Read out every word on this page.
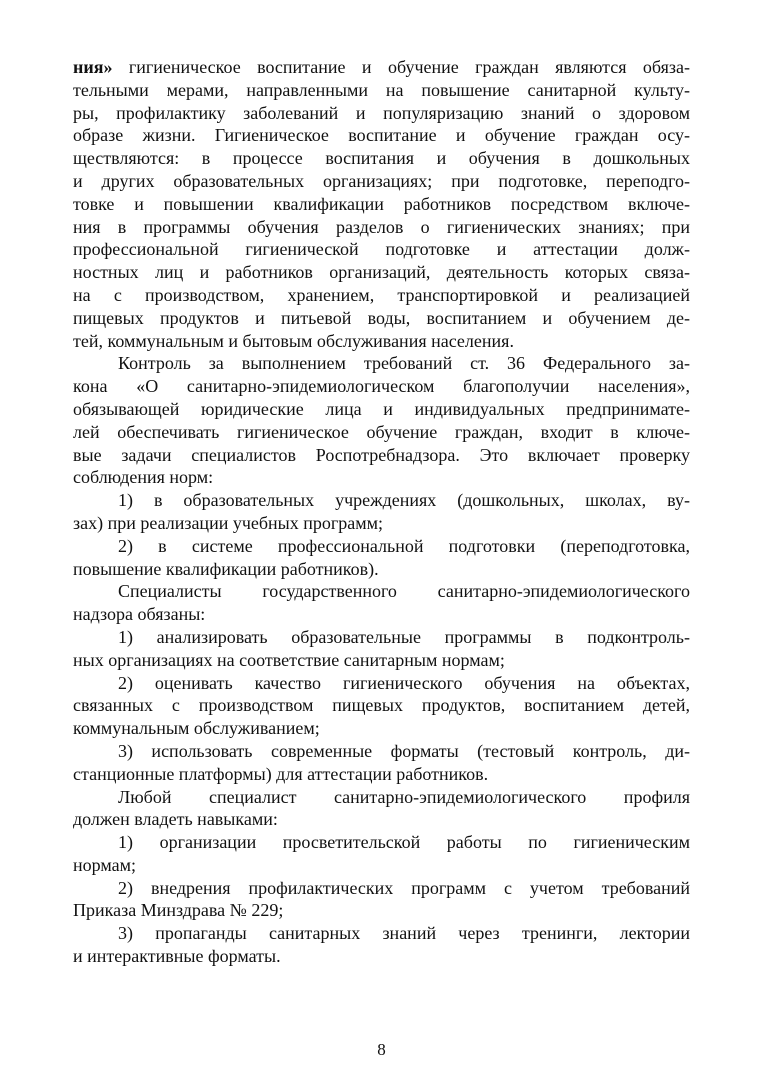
ния» гигиеническое воспитание и обучение граждан являются обяза-
тельными мерами, направленными на повышение санитарной культу-
ры, профилактику заболеваний и популяризацию знаний о здоровом
образе жизни. Гигиеническое воспитание и обучение граждан осу-
ществляются: в процессе воспитания и обучения в дошкольных
и других образовательных организациях; при подготовке, переподго-
товке и повышении квалификации работников посредством включе-
ния в программы обучения разделов о гигиенических знаниях; при
профессиональной гигиенической подготовке и аттестации долж-
ностных лиц и работников организаций, деятельность которых связа-
на с производством, хранением, транспортировкой и реализацией
пищевых продуктов и питьевой воды, воспитанием и обучением де-
тей, коммунальным и бытовым обслуживания населения.

Контроль за выполнением требований ст. 36 Федерального за-
кона «О санитарно-эпидемиологическом благополучии населения»,
обязывающей юридические лица и индивидуальных предпринимате-
лей обеспечивать гигиеническое обучение граждан, входит в ключе-
вые задачи специалистов Роспотребнадзора. Это включает проверку
соблюдения норм:

1) в образовательных учреждениях (дошкольных, школах, ву-
зах) при реализации учебных программ;

2) в системе профессиональной подготовки (переподготовка,
повышение квалификации работников).

Специалисты государственного санитарно-эпидемиологического
надзора обязаны:

1) анализировать образовательные программы в подконтроль-
ных организациях на соответствие санитарным нормам;

2) оценивать качество гигиенического обучения на объектах,
связанных с производством пищевых продуктов, воспитанием детей,
коммунальным обслуживанием;

3) использовать современные форматы (тестовый контроль, ди-
станционные платформы) для аттестации работников.

Любой специалист санитарно-эпидемиологического профиля
должен владеть навыками:

1) организации просветительской работы по гигиеническим
нормам;

2) внедрения профилактических программ с учетом требований
Приказа Минздрава № 229;

3) пропаганды санитарных знаний через тренинги, лектории
и интерактивные форматы.

8
